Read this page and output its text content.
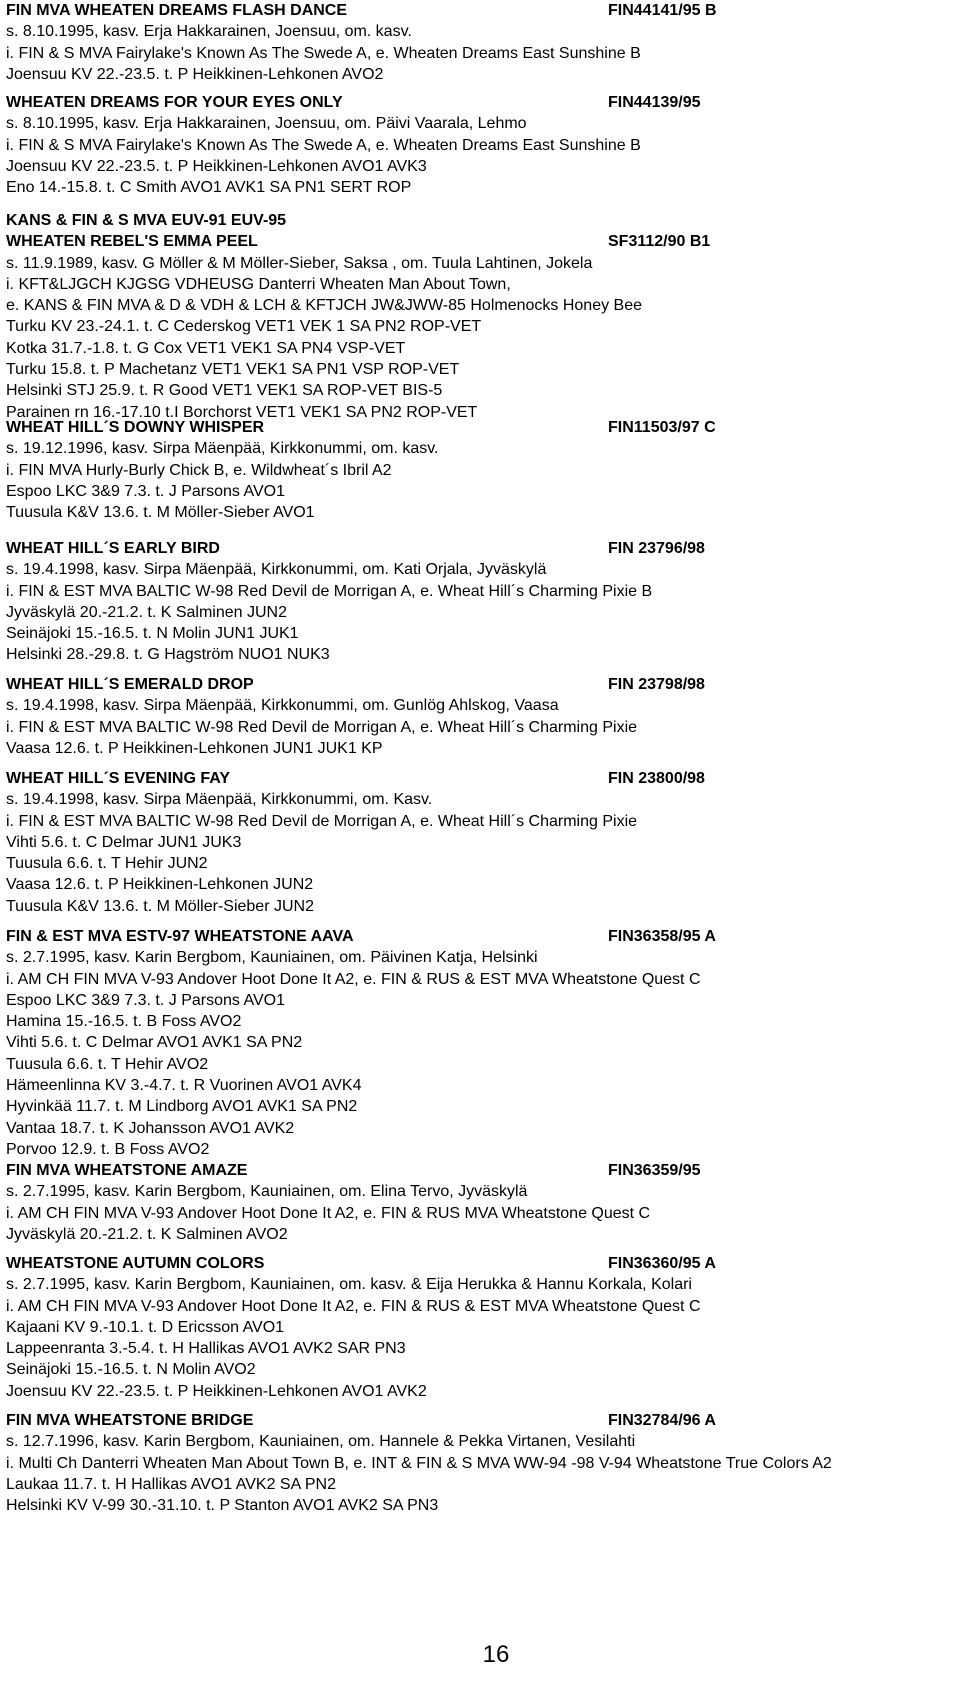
FIN MVA WHEATEN DREAMS FLASH DANCE	FIN44141/95 B
s. 8.10.1995, kasv. Erja Hakkarainen, Joensuu, om. kasv.
i. FIN & S MVA Fairylake's Known As The Swede A, e. Wheaten Dreams East Sunshine B
Joensuu KV 22.-23.5. t. P Heikkinen-Lehkonen AVO2
WHEATEN DREAMS FOR YOUR EYES ONLY	FIN44139/95
s. 8.10.1995, kasv. Erja Hakkarainen, Joensuu, om. Päivi Vaarala, Lehmo
i. FIN & S MVA Fairylake's Known As The Swede A, e. Wheaten Dreams East Sunshine B
Joensuu KV 22.-23.5. t. P Heikkinen-Lehkonen AVO1 AVK3
Eno 14.-15.8. t. C Smith AVO1 AVK1 SA PN1 SERT ROP
KANS & FIN & S MVA EUV-91 EUV-95
WHEATEN REBEL'S EMMA PEEL	SF3112/90 B1
s. 11.9.1989, kasv. G Möller & M Möller-Sieber, Saksa , om. Tuula Lahtinen, Jokela
i. KFT&LJGCH KJGSG VDHEUSG Danterri Wheaten Man About Town,
e. KANS & FIN MVA & D & VDH & LCH & KFTJCH JW&JWW-85 Holmenocks Honey Bee
Turku KV 23.-24.1. t. C Cederskog VET1 VEK 1 SA PN2 ROP-VET
Kotka 31.7.-1.8. t. G Cox VET1 VEK1 SA PN4 VSP-VET
Turku 15.8. t. P Machetanz VET1 VEK1 SA PN1 VSP ROP-VET
Helsinki STJ 25.9. t. R Good VET1 VEK1 SA ROP-VET BIS-5
Parainen rn 16.-17.10 t.I Borchorst VET1 VEK1 SA PN2 ROP-VET
WHEAT HILL´S DOWNY WHISPER	FIN11503/97 C
s. 19.12.1996, kasv. Sirpa Mäenpää, Kirkkonummi, om. kasv.
i. FIN MVA Hurly-Burly Chick B, e. Wildwheat´s Ibril A2
Espoo LKC 3&9 7.3. t. J Parsons AVO1
Tuusula K&V 13.6. t. M Möller-Sieber AVO1
WHEAT HILL´S EARLY BIRD	FIN 23796/98
s. 19.4.1998, kasv. Sirpa Mäenpää, Kirkkonummi, om. Kati Orjala, Jyväskylä
i. FIN & EST MVA BALTIC W-98 Red Devil de Morrigan A, e. Wheat Hill´s Charming Pixie B
Jyväskylä 20.-21.2. t. K Salminen JUN2
Seinäjoki 15.-16.5. t. N Molin JUN1 JUK1
Helsinki 28.-29.8. t. G Hagström NUO1 NUK3
WHEAT HILL´S EMERALD DROP	FIN 23798/98
s. 19.4.1998, kasv. Sirpa Mäenpää, Kirkkonummi, om. Gunlög Ahlskog, Vaasa
i. FIN & EST MVA BALTIC W-98 Red Devil de Morrigan A, e. Wheat Hill´s Charming Pixie
Vaasa 12.6. t. P Heikkinen-Lehkonen JUN1 JUK1 KP
WHEAT HILL´S EVENING FAY	FIN 23800/98
s. 19.4.1998, kasv. Sirpa Mäenpää, Kirkkonummi, om. Kasv.
i. FIN & EST MVA BALTIC W-98 Red Devil de Morrigan A, e. Wheat Hill´s Charming Pixie
Vihti 5.6. t. C Delmar JUN1 JUK3
Tuusula 6.6. t. T Hehir JUN2
Vaasa 12.6. t. P Heikkinen-Lehkonen JUN2
Tuusula K&V 13.6. t. M Möller-Sieber JUN2
FIN & EST MVA ESTV-97 WHEATSTONE AAVA	FIN36358/95 A
s. 2.7.1995, kasv. Karin Bergbom, Kauniainen, om. Päivinen Katja, Helsinki
i. AM CH FIN MVA V-93 Andover Hoot Done It A2, e. FIN & RUS & EST MVA Wheatstone Quest C
Espoo LKC 3&9 7.3. t. J Parsons AVO1
Hamina 15.-16.5. t. B Foss AVO2
Vihti 5.6. t. C Delmar AVO1 AVK1 SA PN2
Tuusula 6.6. t. T Hehir AVO2
Hämeenlinna KV 3.-4.7. t. R Vuorinen AVO1 AVK4
Hyvinkää 11.7. t. M Lindborg AVO1 AVK1 SA PN2
Vantaa 18.7. t. K Johansson AVO1 AVK2
Porvoo 12.9. t. B Foss AVO2
FIN MVA WHEATSTONE AMAZE	FIN36359/95
s. 2.7.1995, kasv. Karin Bergbom, Kauniainen, om. Elina Tervo, Jyväskylä
i. AM CH FIN MVA V-93 Andover Hoot Done It A2, e. FIN & RUS MVA Wheatstone Quest C
Jyväskylä 20.-21.2. t. K Salminen AVO2
WHEATSTONE AUTUMN COLORS	FIN36360/95 A
s. 2.7.1995, kasv. Karin Bergbom, Kauniainen, om. kasv. & Eija Herukka & Hannu Korkala, Kolari
i. AM CH FIN MVA V-93 Andover Hoot Done It A2, e. FIN & RUS & EST MVA Wheatstone Quest C
Kajaani KV 9.-10.1. t. D Ericsson AVO1
Lappeenranta 3.-5.4. t. H Hallikas AVO1 AVK2 SAR PN3
Seinäjoki 15.-16.5. t. N Molin AVO2
Joensuu KV 22.-23.5. t. P Heikkinen-Lehkonen AVO1 AVK2
FIN MVA WHEATSTONE BRIDGE	FIN32784/96 A
s. 12.7.1996, kasv. Karin Bergbom, Kauniainen, om. Hannele & Pekka Virtanen, Vesilahti
i. Multi Ch Danterri Wheaten Man About Town B, e. INT & FIN & S MVA WW-94 -98 V-94 Wheatstone True Colors A2
Laukaa 11.7. t. H Hallikas AVO1 AVK2 SA PN2
Helsinki KV V-99 30.-31.10. t. P Stanton AVO1 AVK2 SA PN3
16
